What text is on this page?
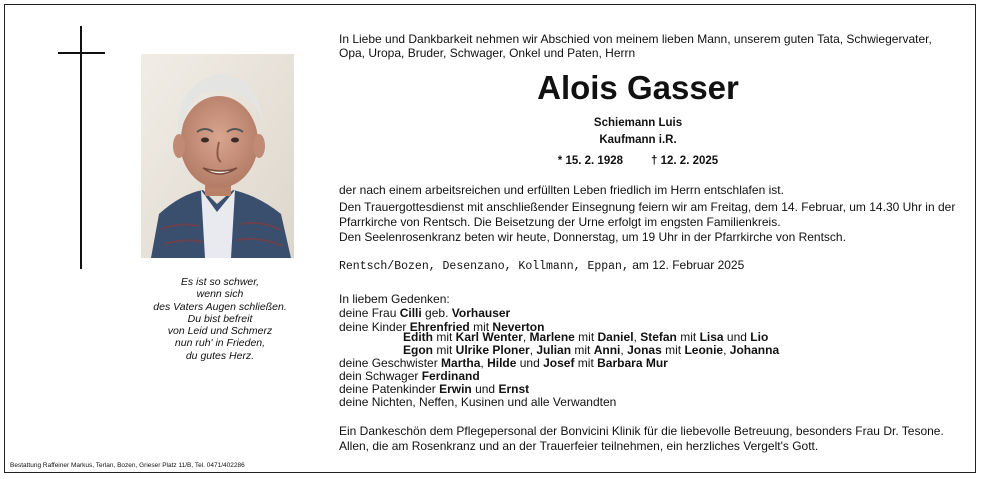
Es ist so schwer,
wenn sich
des Vaters Augen schließen.
Du bist befreit
von Leid und Schmerz
nun ruh' in Frieden,
du gutes Herz.
Bestattung Raffeiner Markus, Terlan, Bozen, Grieser Platz 11/B, Tel. 0471/402286
In Liebe und Dankbarkeit nehmen wir Abschied von meinem lieben Mann, unserem guten Tata, Schwiegervater,
Opa, Uropa, Bruder, Schwager, Onkel und Paten, Herrn
Alois Gasser
Schiemann Luis
Kaufmann i.R.
* 15. 2. 1928 † 12. 2. 2025
der nach einem arbeitsreichen und erfüllten Leben friedlich im Herrn entschlafen ist.
Den Trauergottesdienst mit anschließender Einsegnung feiern wir am Freitag, dem 14. Februar, um 14.30 Uhr in der
Pfarrkirche von Rentsch. Die Beisetzung der Urne erfolgt im engsten Familienkreis.
Den Seelenrosenkranz beten wir heute, Donnerstag, um 19 Uhr in der Pfarrkirche von Rentsch.
Rentsch/Bozen, Desenzano, Kollmann, Eppan, am 12. Februar 2025
In liebem Gedenken:
deine Frau Cilli geb. Vorhauser
deine Kinder Ehrenfried mit Neverton
Edith mit Karl Wenter, Marlene mit Daniel, Stefan mit Lisa und Lio
Egon mit Ulrike Ploner, Julian mit Anni, Jonas mit Leonie, Johanna
deine Geschwister Martha, Hilde und Josef mit Barbara Mur
dein Schwager Ferdinand
deine Patenkinder Erwin und Ernst
deine Nichten, Neffen, Kusinen und alle Verwandten
Ein Dankeschön dem Pflegepersonal der Bonvicini Klinik für die liebevolle Betreuung, besonders Frau Dr. Tesone.
Allen, die am Rosenkranz und an der Trauerfeier teilnehmen, ein herzliches Vergelt's Gott.
